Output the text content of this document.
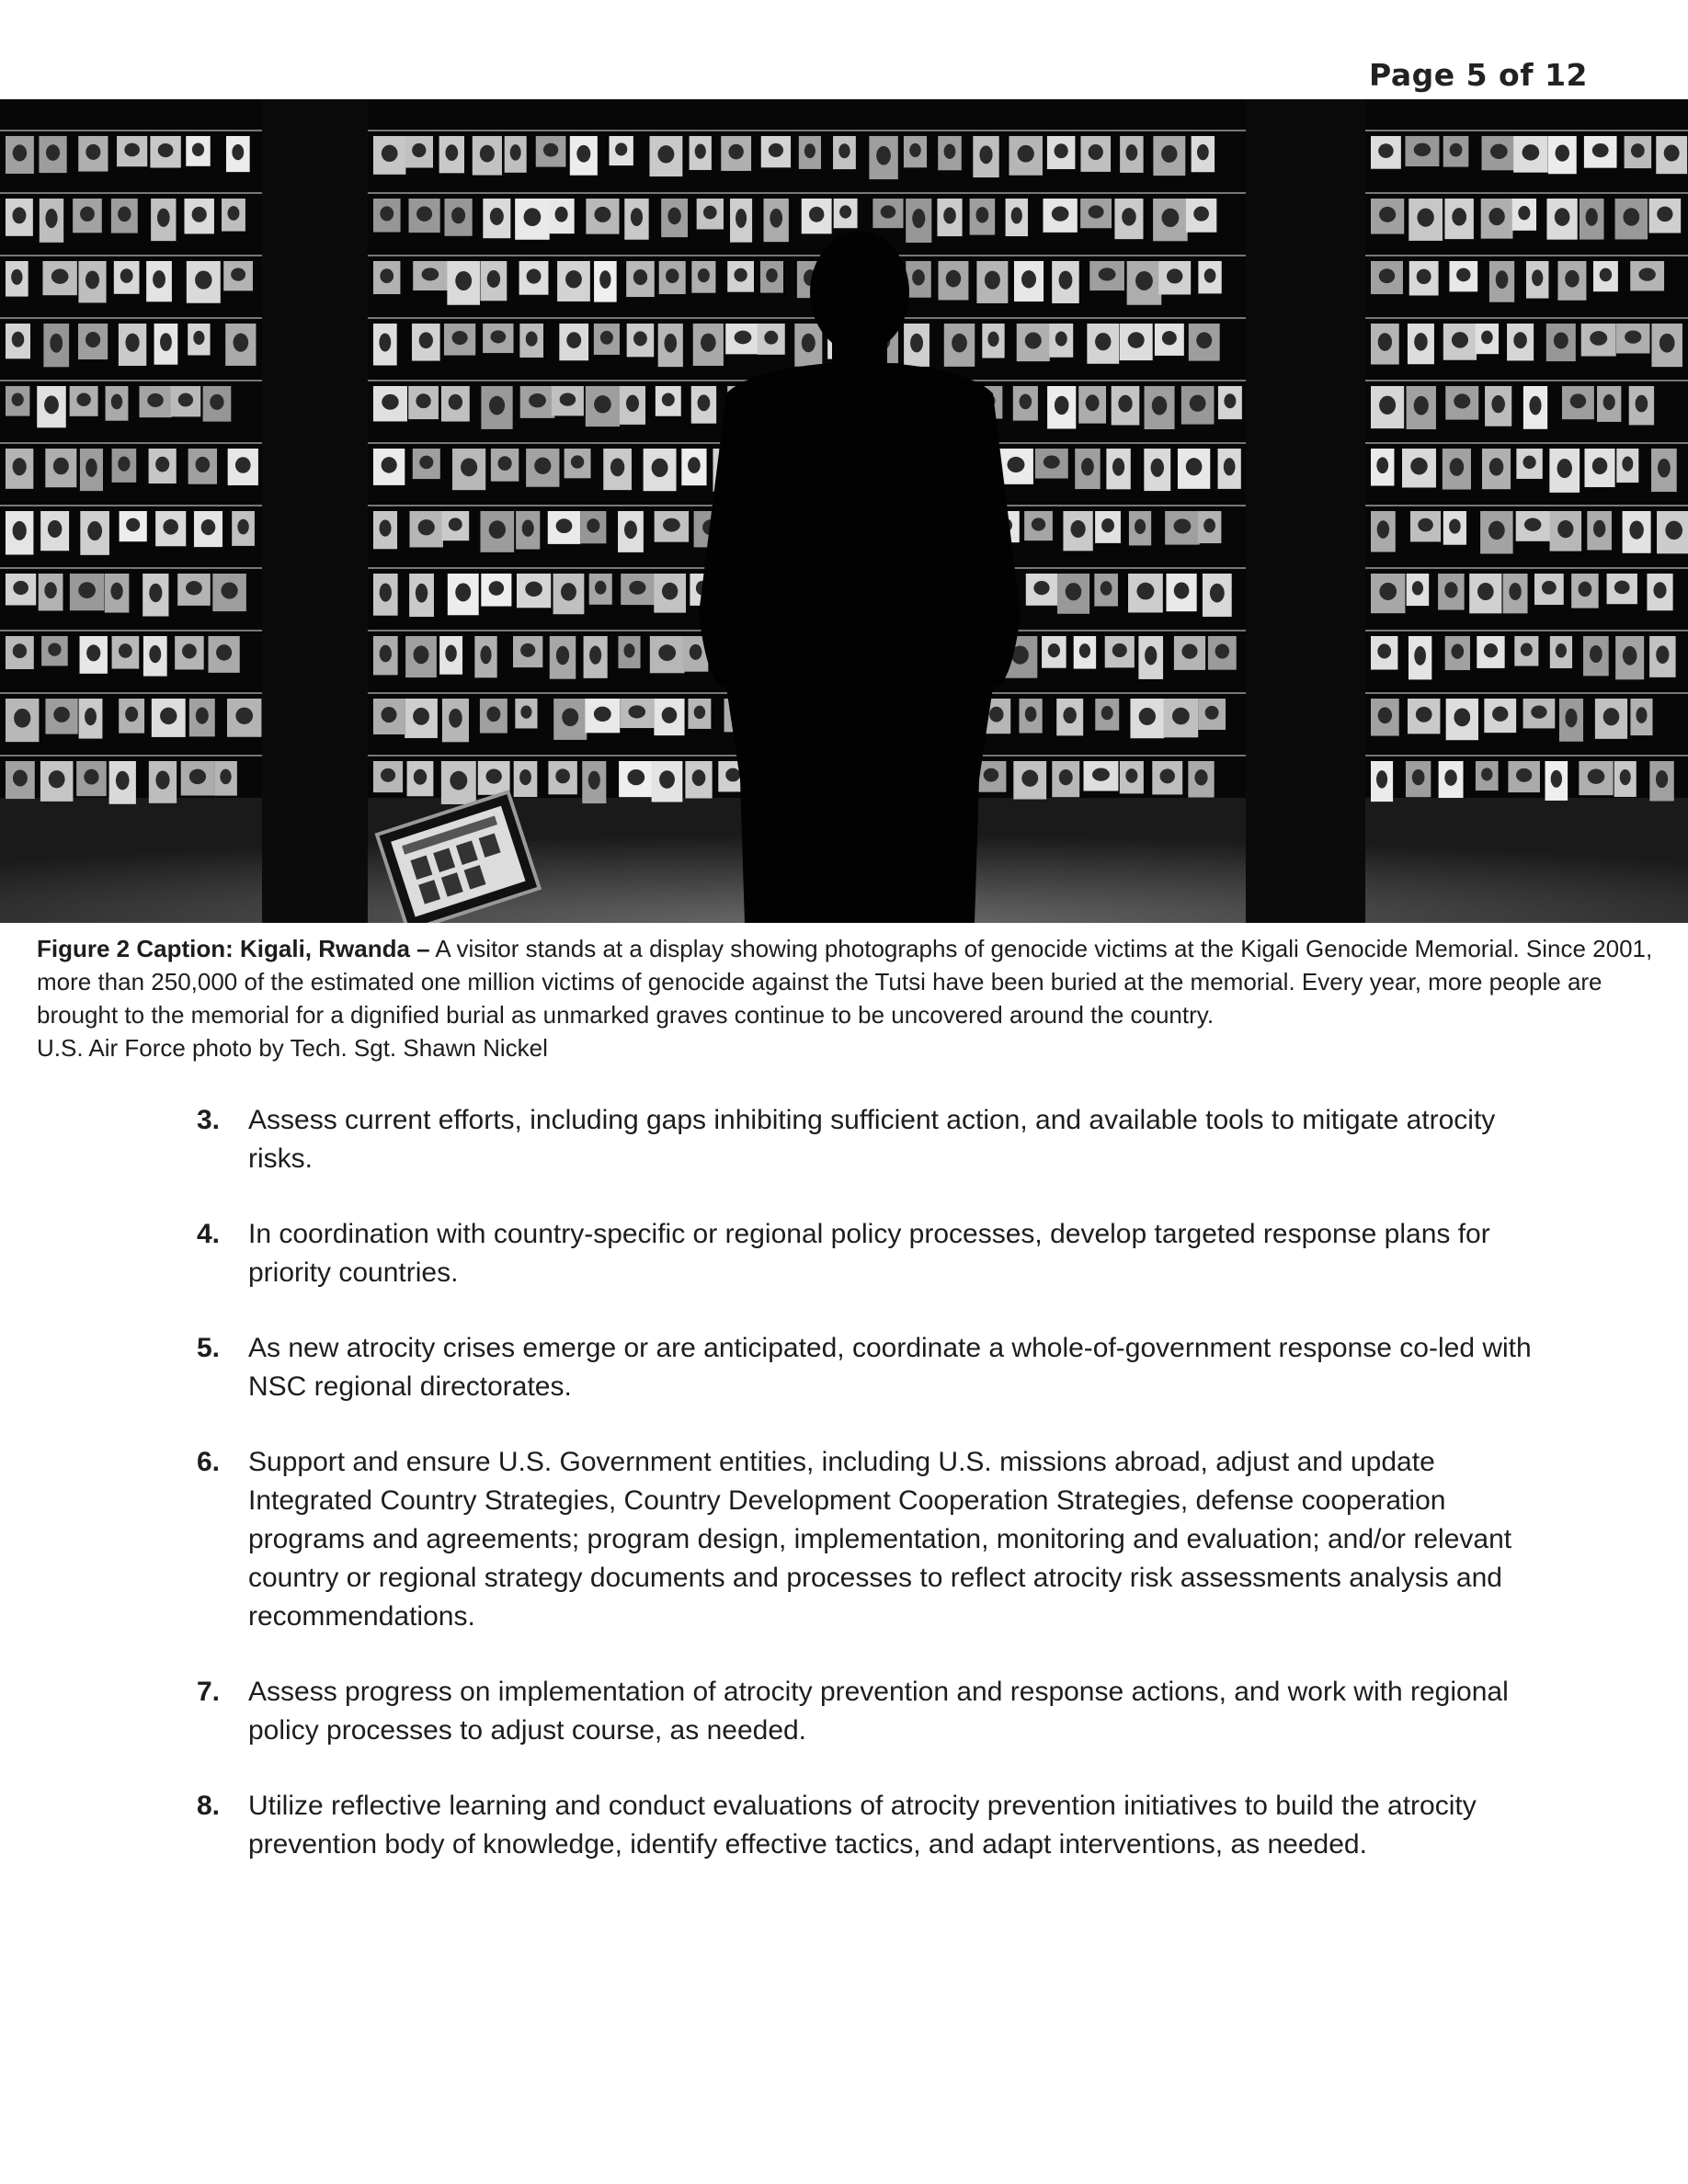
Page 5 of 12

Figure 2 Caption: Kigali, Rwanda – A visitor stands at a display showing photographs of genocide victims at the Kigali Genocide Memorial. Since 2001, more than 250,000 of the estimated one million victims of genocide against the Tutsi have been buried at the memorial. Every year, more people are brought to the memorial for a dignified burial as unmarked graves continue to be uncovered around the country.

U.S. Air Force photo by Tech. Sgt. Shawn Nickel

3. Assess current efforts, including gaps inhibiting sufficient action, and available tools to mitigate atrocity risks.
4. In coordination with country-specific or regional policy processes, develop targeted response plans for priority countries.
5. As new atrocity crises emerge or are anticipated, coordinate a whole-of-government response co-led with NSC regional directorates.
6. Support and ensure U.S. Government entities, including U.S. missions abroad, adjust and update Integrated Country Strategies, Country Development Cooperation Strategies, defense cooperation programs and agreements; program design, implementation, monitoring and evaluation; and/or relevant country or regional strategy documents and processes to reflect atrocity risk assessments analysis and recommendations.
7. Assess progress on implementation of atrocity prevention and response actions, and work with regional policy processes to adjust course, as needed.
8. Utilize reflective learning and conduct evaluations of atrocity prevention initiatives to build the atrocity prevention body of knowledge, identify effective tactics, and adapt interventions, as needed.
